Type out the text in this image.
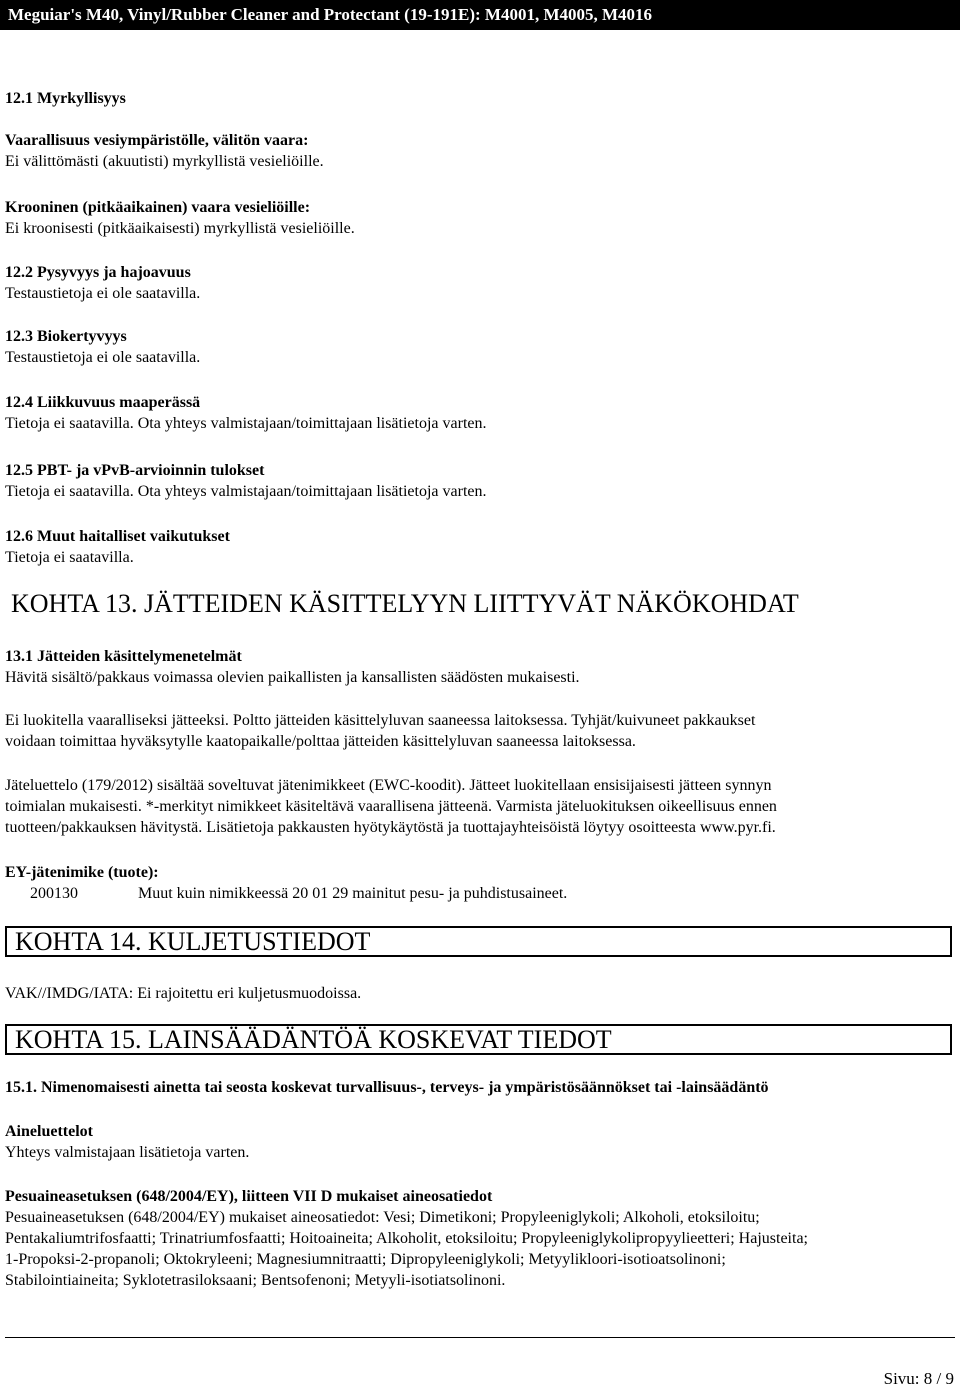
Meguiar's M40, Vinyl/Rubber Cleaner and Protectant (19-191E): M4001, M4005, M4016
12.1 Myrkyllisyys
Vaarallisuus vesiympäristölle, välitön vaara:
Ei välittömästi (akuutisti) myrkyllistä vesieliöille.
Krooninen (pitkäaikainen) vaara vesieliöille:
Ei kroonisesti (pitkäaikaisesti) myrkyllistä vesieliöille.
12.2 Pysyvyys ja hajoavuus
Testaustietoja ei ole saatavilla.
12.3 Biokertyvyys
Testaustietoja ei ole saatavilla.
12.4 Liikkuvuus maaperässä
Tietoja ei saatavilla. Ota yhteys valmistajaan/toimittajaan lisätietoja varten.
12.5 PBT- ja vPvB-arvioinnin tulokset
Tietoja ei saatavilla. Ota yhteys valmistajaan/toimittajaan lisätietoja varten.
12.6 Muut haitalliset vaikutukset
Tietoja ei saatavilla.
KOHTA 13. JÄTTEIDEN KÄSITTELYYN LIITTYVÄT NÄKÖKOHDAT
13.1 Jätteiden käsittelymenetelmät
Hävitä sisältö/pakkaus voimassa olevien paikallisten ja kansallisten säädösten mukaisesti.
Ei luokitella vaaralliseksi jätteeksi. Poltto jätteiden käsittelyluvan saaneessa laitoksessa. Tyhjät/kuivuneet pakkaukset
voidaan toimittaa hyväksytylle kaatopaikalle/polttaa jätteiden käsittelyluvan saaneessa laitoksessa.
Jäteluettelo (179/2012) sisältää soveltuvat jätenimikkeet (EWC-koodit). Jätteet luokitellaan ensisijaisesti jätteen synnyn
toimialan mukaisesti. *-merkityt nimikkeet käsiteltävä vaarallisena jätteenä. Varmista jäteluokituksen oikeellisuus ennen
tuotteen/pakkauksen hävitystä. Lisätietoja pakkausten hyötykäytöstä ja tuottajayhteisöistä löytyy osoitteesta www.pyr.fi.
EY-jätenimike (tuote):
200130	Muut kuin nimikkeessä 20 01 29 mainitut pesu- ja puhdistusaineet.
KOHTA 14. KULJETUSTIEDOT
VAK//IMDG/IATA: Ei rajoitettu eri kuljetusmuodoissa.
KOHTA 15. LAINSÄÄDÄNTÖÄ KOSKEVAT TIEDOT
15.1. Nimenomaisesti ainetta tai seosta koskevat turvallisuus-, terveys- ja ympäristösäännökset tai -lainsäädäntö
Aineluettelot
Yhteys valmistajaan lisätietoja varten.
Pesuaineasetuksen (648/2004/EY), liitteen VII D mukaiset aineosatiedot
Pesuaineasetuksen (648/2004/EY) mukaiset aineosatiedot: Vesi; Dimetikoni; Propyleeniglykoli; Alkoholi, etoksiloitu;
Pentakaliumtrifosfaatti; Trinatriumfosfaatti; Hoitoaineita; Alkoholit, etoksiloitu; Propyleeniglykolipropyylieetteri; Hajusteita;
1-Propoksi-2-propanoli; Oktokryleeni; Magnesiumnitraatti; Dipropyleeniglykoli; Metyylikloori-isotioatsolinoni;
Stabilointiaineita; Syklotetrasiloksaani; Bentsofenoni; Metyyli-isotiatsolinoni.
Sivu: 8 / 9
